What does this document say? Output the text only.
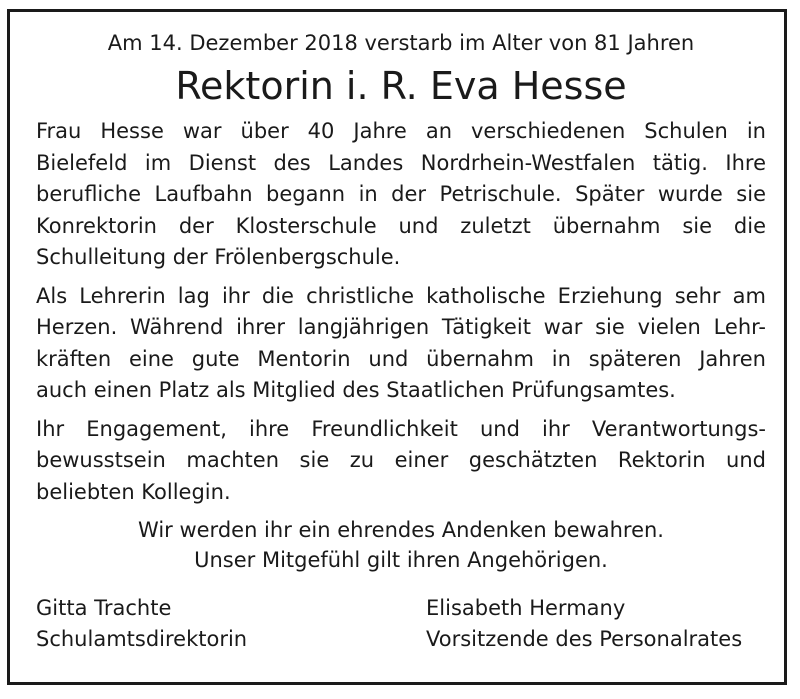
Am 14. Dezember 2018 verstarb im Alter von 81 Jahren

Rektorin i. R. Eva Hesse
Frau Hesse war über 40 Jahre an verschiedenen Schulen in
Bielefeld im Dienst des Landes Nordrhein-Westfalen tätig. Ihre
berufliche Laufbahn begann in der Petrischule. Später wurde sie
Konrektorin der Klosterschule und zuletzt übernahm sie die
Schulleitung der Frölenbergschule.
Als Lehrerin lag ihr die christliche katholische Erziehung sehr am
Herzen. Während ihrer langjährigen Tätigkeit war sie vielen Lehr-
kräften eine gute Mentorin und übernahm in späteren Jahren
auch einen Platz als Mitglied des Staatlichen Prüfungsamtes.
Ihr Engagement, ihre Freundlichkeit und ihr Verantwortungs-
bewusstsein machten sie zu einer geschätzten Rektorin und
beliebten Kollegin.

Wir werden ihr ein ehrendes Andenken bewahren.

Unser Mitgefühl gilt ihren Angehörigen.

Gitta Trachte
Schulamtsdirektorin
Elisabeth Hermany
Vorsitzende des Personalrates
